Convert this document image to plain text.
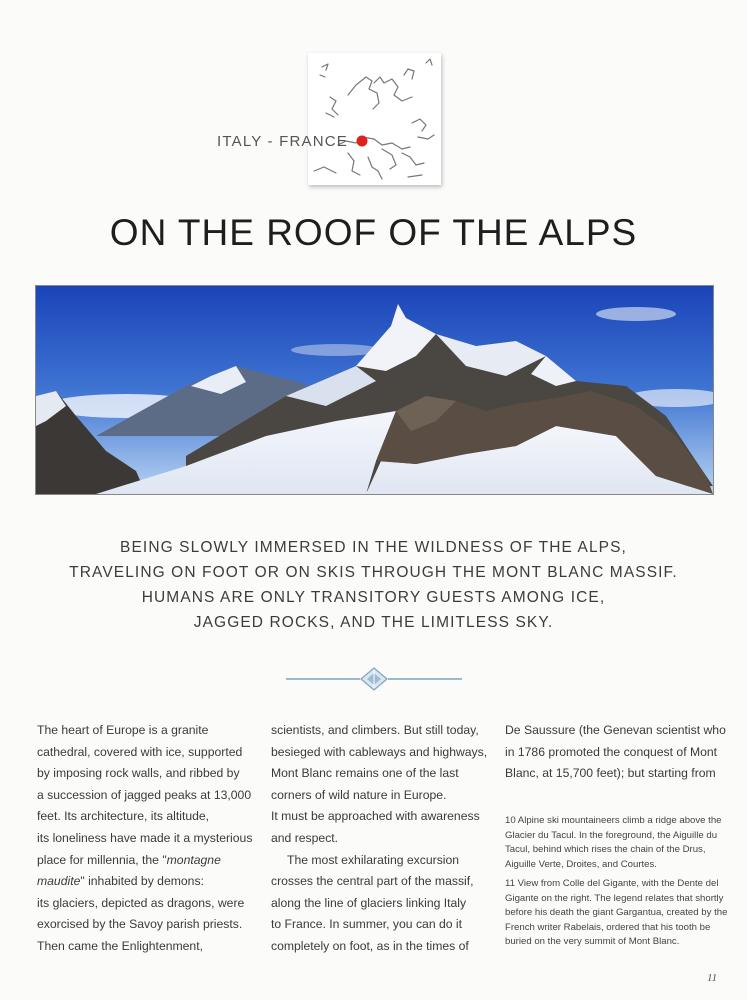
ITALY - FRANCE
ON THE ROOF OF THE ALPS
BEING SLOWLY IMMERSED IN THE WILDNESS OF THE ALPS,
TRAVELING ON FOOT OR ON SKIS THROUGH THE MONT BLANC MASSIF.
HUMANS ARE ONLY TRANSITORY GUESTS AMONG ICE,
JAGGED ROCKS, AND THE LIMITLESS SKY.
The heart of Europe is a granite
cathedral, covered with ice, supported
by imposing rock walls, and ribbed by
a succession of jagged peaks at 13,000
feet. Its architecture, its altitude,
its loneliness have made it a mysterious
place for millennia, the "montagne
maudite" inhabited by demons:
its glaciers, depicted as dragons, were
exorcised by the Savoy parish priests.
Then came the Enlightenment,
scientists, and climbers. But still today,
besieged with cableways and highways,
Mont Blanc remains one of the last
corners of wild nature in Europe.
It must be approached with awareness
and respect.
The most exhilarating excursion
crosses the central part of the massif,
along the line of glaciers linking Italy
to France. In summer, you can do it
completely on foot, as in the times of
De Saussure (the Genevan scientist who
in 1786 promoted the conquest of Mont
Blanc, at 15,700 feet); but starting from
10 Alpine ski mountaineers climb a ridge above the
Glacier du Tacul. In the foreground, the Aiguille du
Tacul, behind which rises the chain of the Drus,
Aiguille Verte, Droites, and Courtes.
11 View from Colle del Gigante, with the Dente del
Gigante on the right. The legend relates that shortly
before his death the giant Gargantua, created by the
French writer Rabelais, ordered that his tooth be
buried on the very summit of Mont Blanc.
11
